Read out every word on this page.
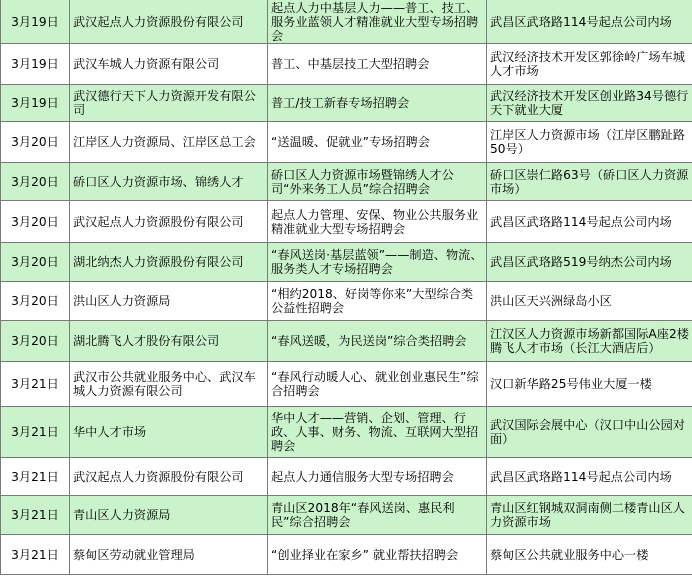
3月19日	武汉起点人力资源股份有限公司	起点人力中基层人力——普工、技工、服务业蓝领人才精准就业大型专场招聘会	武昌区武珞路114号起点公司内场
3月19日	武汉车城人力资源有限公司	普工、中基层技工大型招聘会	武汉经济技术开发区郭徐岭广场车城人才市场
3月19日	武汉德行天下人力资源开发有限公司	普工/技工新春专场招聘会	武汉经济技术开发区创业路34号德行天下就业大厦
3月20日	江岸区人力资源局、江岸区总工会	“送温暖、促就业”专场招聘会	江岸区人力资源市场（江岸区鹏趾路50号）
3月20日	硚口区人力资源市场、锦绣人才	硚口区人力资源市场暨锦绣人才公司“外来务工人员”综合招聘会	硚口区崇仁路63号（硚口区人力资源市场）
3月20日	武汉起点人力资源股份有限公司	起点人力管理、安保、物业公共服务业精准就业大型专场招聘会	武昌区武珞路114号起点公司内场
3月20日	湖北纳杰人力资源股份有限公司	“春风送岗·基层蓝领”——制造、物流、服务类人才专场招聘会	武昌区武珞路519号纳杰公司内场
3月20日	洪山区人力资源局	“相约2018、好岗等你来”大型综合类公益性招聘会	洪山区天兴洲绿岛小区
3月20日	湖北腾飞人才股份有限公司	“春风送暖，为民送岗”综合类招聘会	江汉区人力资源市场新都国际A座2楼腾飞人才市场（长江大酒店后）
3月21日	武汉市公共就业服务中心、武汉车城人力资源有限公司	“春风行动暖人心、就业创业惠民生”综合招聘会	汉口新华路25号伟业大厦一楼
3月21日	华中人才市场	华中人才——营销、企划、管理、行政、人事、财务、物流、互联网大型招聘会	武汉国际会展中心（汉口中山公园对面）
3月21日	武汉起点人力资源股份有限公司	起点人力通信服务大型专场招聘会	武昌区武珞路114号起点公司内场
3月21日	青山区人力资源局	青山区2018年“春风送岗、惠民利民”综合招聘会	青山区红钢城双洞南侧二楼青山区人力资源市场
3月21日	蔡甸区劳动就业管理局	“创业择业在家乡” 就业帮扶招聘会	蔡甸区公共就业服务中心一楼
